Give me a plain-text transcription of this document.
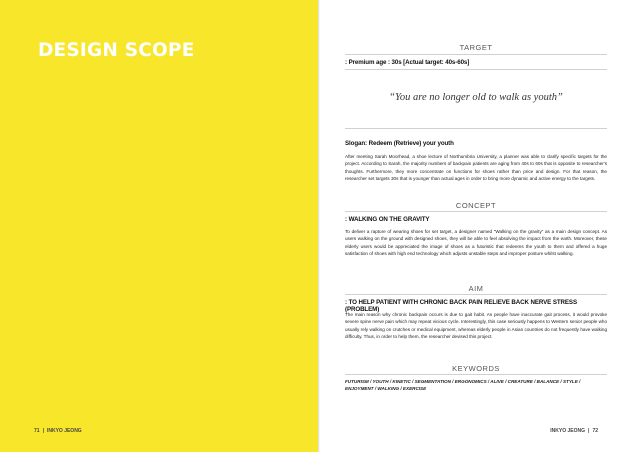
DESIGN SCOPE
71 | INKYO JEONG
TARGET
: Premium age : 30s [Actual target: 40s-60s]
“You are no longer old to walk as youth”
Slogan: Redeem (Retrieve) your youth
After meeting Sarah Moorhead, a shoe lecture of Northumbria University, a planner was able to clarify specific targets for the project. According to Sarah, the majority numbers of backpain patients are aging from 40s to 60s that is opposite to researcher's thoughts. Furthermore, they more concentrate on functions for shoes rather than price and design. For that reason, the researcher set targets 30s that is younger than actual ages in order to bring more dynamic and active energy to the targets.
CONCEPT
: WALKING ON THE GRAVITY
To deliver a rapture of wearing shoes for set target, a designer named “Walking on the gravity” as a main design concept. As users walking on the ground with designed shoes, they will be able to feel absolving the impact from the earth. Moreover, these elderly users would be appreciated the image of shoes as a futuristic that redeems the youth to them and offered a huge satisfaction of shoes with high end technology which adjusts unstable steps and improper posture whilst walking.
AIM
: TO HELP PATIENT WITH CHRONIC BACK PAIN RELIEVE BACK NERVE STRESS (PROBLEM)
The main reason why chronic backpain occurs is due to gait habit. As people have inaccurate gait process, it would provoke severe spine nerve pain which may repeat vicious cycle. Interestingly, this case seriously happens to Western senior people who usually rely walking on crutches or medical equipment, whereas elderly people in Asian countries do not frequently have walking difficulty. Thus, in order to help them, the researcher devised this project.
KEYWORDS
FUTURISM / YOUTH / KINETIC / SEGMENTATION / ERGONOMICS / ALIVE / CREATURE / BALANCE / STYLE / ENJOYMENT / WALKING / EXERCISE
INKYO JEONG | 72
